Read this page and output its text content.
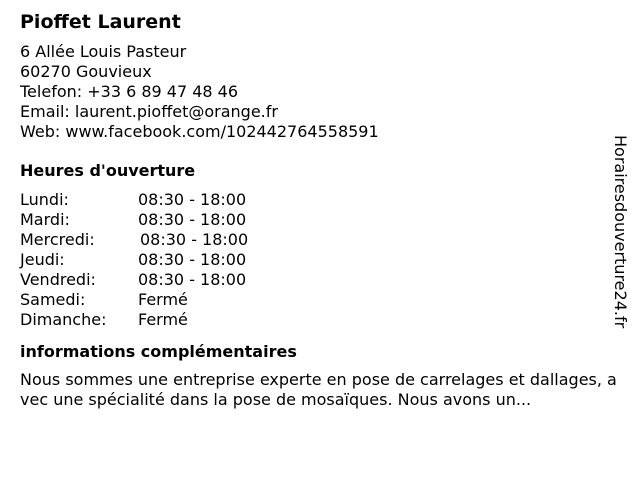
Pioffet Laurent
6 Allée Louis Pasteur
60270 Gouvieux
Telefon: +33 6 89 47 48 46
Email: laurent.pioffet@orange.fr
Web: www.facebook.com/102442764558591
Heures d'ouverture
Lundi:	08:30 - 18:00
Mardi:	08:30 - 18:00
Mercredi:	08:30 - 18:00
Jeudi:	08:30 - 18:00
Vendredi:	08:30 - 18:00
Samedi:	Fermé
Dimanche: Fermé
informations complémentaires
Nous sommes une entreprise experte en pose de carrelages et dallages, avec une spécialité dans la pose de mosaïques. Nous avons un...
Horairesdouverture24.fr
